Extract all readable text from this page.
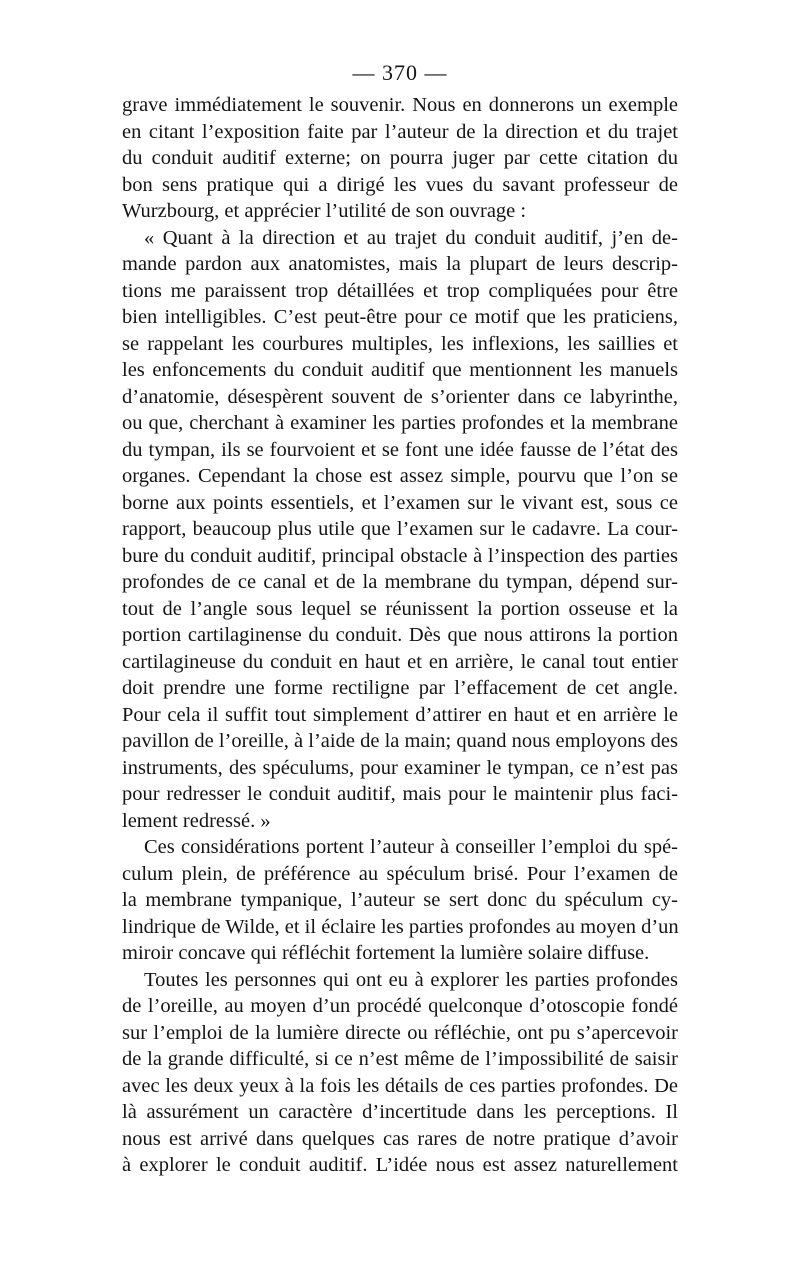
— 370 —
grave immédiatement le souvenir. Nous en donnerons un exemple
en citant l’exposition faite par l’auteur de la direction et du trajet
du conduit auditif externe; on pourra juger par cette citation du
bon sens pratique qui a dirigé les vues du savant professeur de
Wurzbourg, et apprécier l’utilité de son ouvrage :
« Quant à la direction et au trajet du conduit auditif, j’en de-
mande pardon aux anatomistes, mais la plupart de leurs descrip-
tions me paraissent trop détaillées et trop compliquées pour être
bien intelligibles. C’est peut-être pour ce motif que les praticiens,
se rappelant les courbures multiples, les inflexions, les saillies et
les enfoncements du conduit auditif que mentionnent les manuels
d’anatomie, désespèrent souvent de s’orienter dans ce labyrinthe,
ou que, cherchant à examiner les parties profondes et la membrane
du tympan, ils se fourvoient et se font une idée fausse de l’état des
organes. Cependant la chose est assez simple, pourvu que l’on se
borne aux points essentiels, et l’examen sur le vivant est, sous ce
rapport, beaucoup plus utile que l’examen sur le cadavre. La cour-
bure du conduit auditif, principal obstacle à l’inspection des parties
profondes de ce canal et de la membrane du tympan, dépend sur-
tout de l’angle sous lequel se réunissent la portion osseuse et la
portion cartilaginense du conduit. Dès que nous attirons la portion
cartilagineuse du conduit en haut et en arrière, le canal tout entier
doit prendre une forme rectiligne par l’effacement de cet angle.
Pour cela il suffit tout simplement d’attirer en haut et en arrière le
pavillon de l’oreille, à l’aide de la main; quand nous employons des
instruments, des spéculums, pour examiner le tympan, ce n’est pas
pour redresser le conduit auditif, mais pour le maintenir plus faci-
lement redressé. »
Ces considérations portent l’auteur à conseiller l’emploi du spé-
culum plein, de préférence au spéculum brisé. Pour l’examen de
la membrane tympanique, l’auteur se sert donc du spéculum cy-
lindrique de Wilde, et il éclaire les parties profondes au moyen d’un
miroir concave qui réfléchit fortement la lumière solaire diffuse.
Toutes les personnes qui ont eu à explorer les parties profondes
de l’oreille, au moyen d’un procédé quelconque d’otoscopie fondé
sur l’emploi de la lumière directe ou réfléchie, ont pu s’apercevoir
de la grande difficulté, si ce n’est même de l’impossibilité de saisir
avec les deux yeux à la fois les détails de ces parties profondes. De
là assurément un caractère d’incertitude dans les perceptions. Il
nous est arrivé dans quelques cas rares de notre pratique d’avoir
à explorer le conduit auditif. L’idée nous est assez naturellement
